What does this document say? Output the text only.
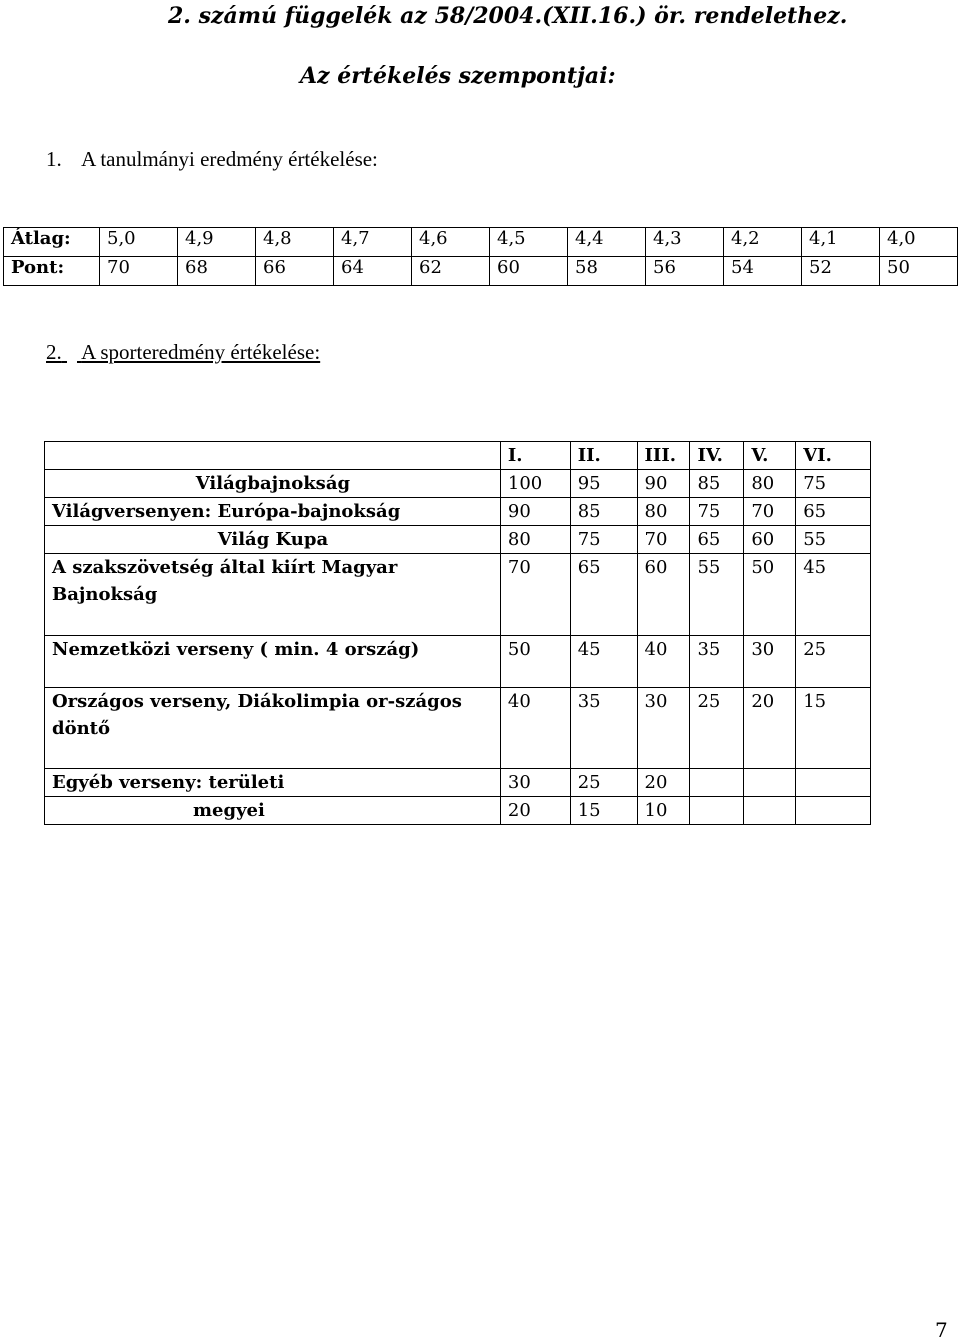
2. számú függelék az 58/2004.(XII.16.) ör. rendelethez.
Az értékelés szempontjai:
1. A tanulmányi eredmény értékelése:
Átlag:	5,0	4,9	4,8	4,7	4,6	4,5	4,4	4,3	4,2	4,1	4,0
Pont:	70	68	66	64	62	60	58	56	54	52	50
2. A sporteredmény értékelése:
	I.	II.	III.	IV.	V.	VI.
Világbajnokság	100	95	90	85	80	75
Világversenyen: Európa-bajnokság	90	85	80	75	70	65
Világ Kupa	80	75	70	65	60	55

A szakszövetség által kiírt Magyar Bajnokság	70	65	60	55	50	45
Nemzetközi verseny ( min. 4 ország)	50	45	40	35	30	25

Országos verseny, Diákolimpia or-szágos döntő	40	35	30	25	20	15
Egyéb verseny: területi	30	25	20			
megyei	20	15	10			
7
